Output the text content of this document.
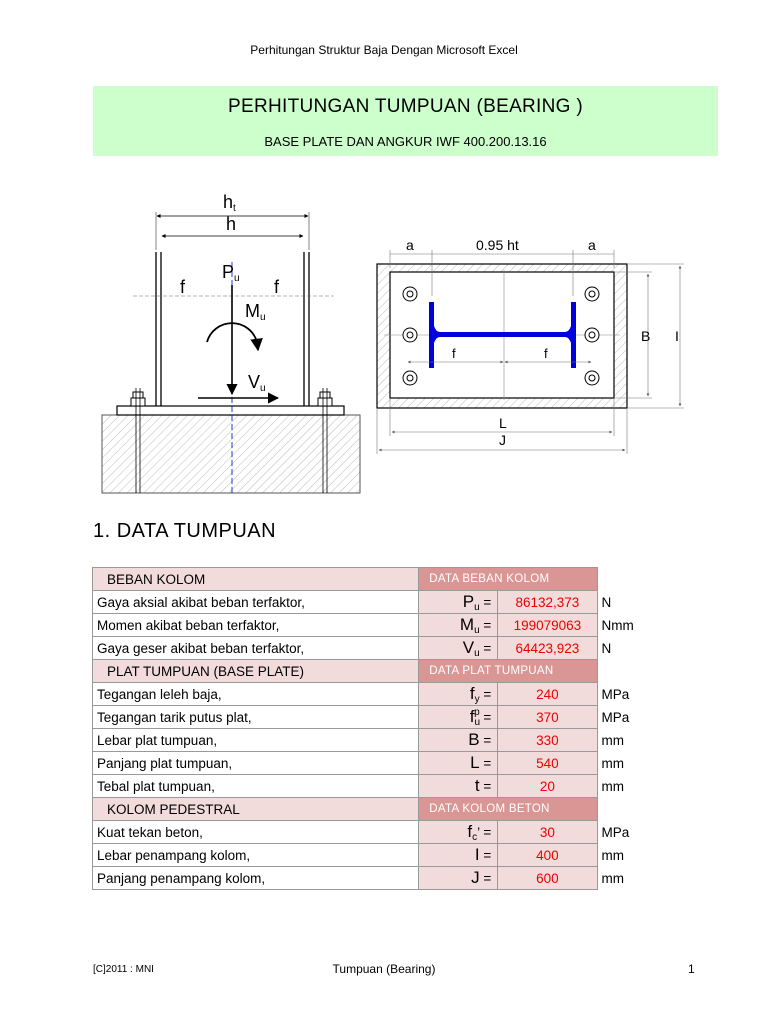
Perhitungan Struktur Baja Dengan Microsoft Excel
PERHITUNGAN TUMPUAN (BEARING )
BASE PLATE DAN ANGKUR IWF 400.200.13.16
ht
h
Pu
f	f
Mu
Vu
a	0.95 ht	a
f	f
B I
L
J
1. DATA TUMPUAN
BEBAN KOLOM	DATA BEBAN KOLOM		
Gaya aksial akibat beban terfaktor,	$P_u$ =	86132,373	N
Momen akibat beban terfaktor,	$M_u$ =	199079063	Nmm
Gaya geser akibat beban terfaktor,	$V_u$ =	64423,923	N
PLAT TUMPUAN (BASE PLATE)	DATA PLAT TUMPUAN		
Tegangan leleh baja,	$f_y$ =	240	MPa
Tegangan tarik putus plat,	$f_u^p$ =	370	MPa
Lebar plat tumpuan,	B =	330	mm
Panjang plat tumpuan,	L =	540	mm
Tebal plat tumpuan,	t =	20	mm
KOLOM PEDESTRAL	DATA KOLOM BETON		
Kuat tekan beton,	$f_c$’ =	30	MPa
Lebar penampang kolom,	I =	400	mm
Panjang penampang kolom,	J =	600	mm
[C]2011 : MNI	Tumpuan (Bearing)	1
